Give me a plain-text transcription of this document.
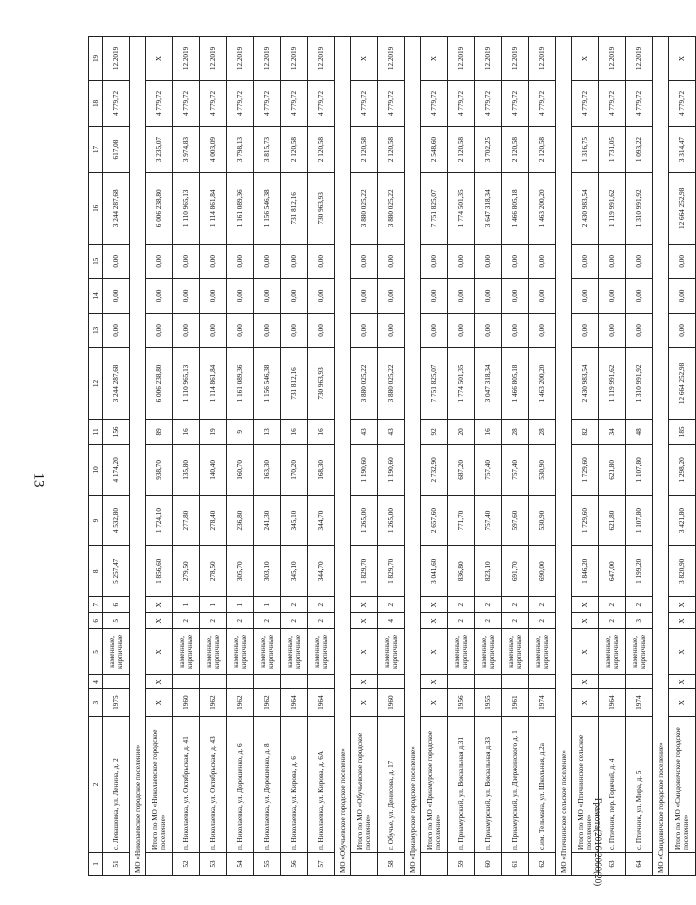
13
Грамота(2016-2060(20)
1	2	3	4	5	6	7	8	9	10	11	12	13	14	15	16	17	18	19
51	с. Левашовка, ул. Ленина, д. 2	1975		каменные, кирпичные	5	6	5 257,47	4 532,80	4 174,20	156	3 244 287,68	0,00	0,00	0,00	3 244 287,68	617,08	4 779,72	12.2019
МО «Николаевское городское поселение»																		
	Итого по МО «Николаевское городское поселение»	X	X	X	X	X	1 856,60	1 724,10	938,70	89	6 006 238,80	0,00	0,00	0,00	6 006 238,80	3 235,07	4 779,72	X
52	п. Николаевка, ул. Октябрьская, д. 41	1960		каменные, кирпичные	2	1	279,50	277,80	135,80	16	1 110 965,13	0,00	0,00	0,00	1 110 965,13	3 974,83	4 779,72	12.2019
53	п. Николаевка, ул. Октябрьская, д. 43	1962		каменные, кирпичные	2	1	278,50	278,40	140,40	19	1 114 861,84	0,00	0,00	0,00	1 114 861,84	4 003,09	4 779,72	12.2019
54	п. Николаевка, ул. Дорошенко, д. 6	1962		каменные, кирпичные	2	1	305,70	236,80	160,70	9	1 161 089,36	0,00	0,00	0,00	1 161 089,36	3 798,13	4 779,72	12.2019
55	п. Николаевка, ул. Дорошенко, д. 8	1962		каменные, кирпичные	2	1	303,10	241,30	163,30	13	1 156 546,38	0,00	0,00	0,00	1 156 546,38	3 815,73	4 779,72	12.2019
56	п. Николаевка, ул. Кирова, д. 6	1964		каменные, кирпичные	2	2	345,10	345,10	170,20	16	731 812,16	0,00	0,00	0,00	731 812,16	2 120,58	4 779,72	12.2019
57	п. Николаевка, ул. Кирова, д. 6А	1964		каменные, кирпичные	2	2	344,70	344,70	168,30	16	730 963,93	0,00	0,00	0,00	730 963,93	2 120,58	4 779,72	12.2019
МО «Обучьевское городское поселение»																		
	Итого по МО «Обучьевское городское поселение»	X	X	X	X	X	1 829,70	1 265,00	1 190,60	43	3 880 025,22	0,00	0,00	0,00	3 880 025,22	2 120,58	4 779,72	X
58	г. Обучье, ул. Денисова, д. 17	1960		каменные, кирпичные	4	2	1 829,70	1 265,00	1 190,60	43	3 880 025,22	0,00	0,00	0,00	3 880 025,22	2 120,58	4 779,72	12.2019
МО «Приамурское городское поселение»																		
	Итого по МО «Приамурское городское поселение»	X	X	X	X	X	3 041,60	2 657,60	2 732,90	92	7 751 825,07	0,00	0,00	0,00	7 751 825,07	2 548,60	4 779,72	X
59	п. Приамурский, ул. Вокзальная д.31	1956		каменные, кирпичные	2	2	836,80	771,70	687,20	20	1 774 501,35	0,00	0,00	0,00	1 774 501,35	2 120,58	4 779,72	12.2019
60	п. Приамурский, ул. Вокзальная д.33	1955		каменные, кирпичные	2	2	823,10	757,40	757,40	16	3 047 318,34	0,00	0,00	0,00	3 647 318,34	3 702,25	4 779,72	12.2019
61	п. Приамурский, ул. Дзержинского д. 1	1961		каменные, кирпичные	2	2	691,70	597,60	757,40	28	1 466 805,18	0,00	0,00	0,00	1 466 805,18	2 120,58	4 779,72	12.2019
62	с.им. Тельмана, ул. Школьная, д.2а	1974		каменные, кирпичные	2	2	690,00	530,90	530,90	28	1 463 200,20	0,00	0,00	0,00	1 463 200,20	2 120,58	4 779,72	12.2019
МО «Птичнинское сельское поселение»																		
	Итого по МО «Птичнинское сельское поселение»	X	X	X	X	X	1 846,20	1 729,60	1 729,60	82	2 430 983,54	0,00	0,00	0,00	2 430 983,54	1 316,75	4 779,72	X
63	с. Птичник, пер. Горячий, д. 4	1964		каменные, кирпичные	2	2	647,00	621,80	621,80	34	1 119 991,62	0,00	0,00	0,00	1 119 991,62	1 731,05	4 779,72	12.2019
64	с. Птичник, ул. Мира, д. 5	1974		каменные, кирпичные	3	2	1 199,20	1 107,80	1 107,80	48	1 310 991,92	0,00	0,00	0,00	1 310 991,92	1 093,22	4 779,72	12.2019
МО «Смидовичское городское поселение»																		
	Итого по МО «Смидовичское городское поселение»	X	X	X	X	X	3 820,90	3 421,80	1 298,20	185	12 664 252,98	0,00	0,00	0,00	12 664 252,98	3 314,47	4 779,72	X
